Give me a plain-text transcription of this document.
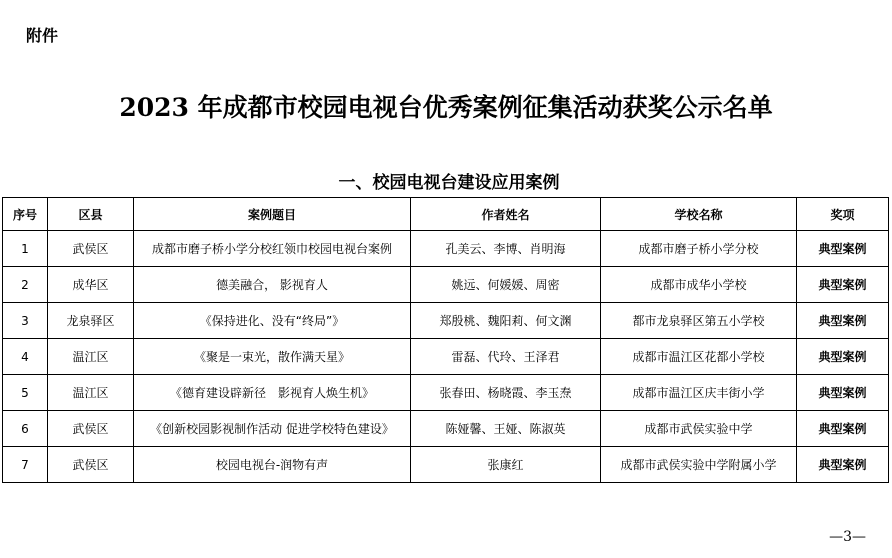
附件
2023 年成都市校园电视台优秀案例征集活动获奖公示名单
一、校园电视台建设应用案例
序号	区县	案例题目	作者姓名	学校名称	奖项
1	武侯区	成都市磨子桥小学分校红领巾校园电视台案例	孔美云、李博、肖明海	成都市磨子桥小学分校	典型案例
2	成华区	德美融合， 影视育人	姚远、何媛媛、周密	成都市成华小学校	典型案例
3	龙泉驿区	《保持进化、没有“终局”》	郑殷桃、魏阳莉、何文渊	都市龙泉驿区第五小学校	典型案例
4	温江区	《聚是一束光，散作满天星》	雷磊、代玲、王泽君	成都市温江区花都小学校	典型案例
5	温江区	《德育建设辟新径　影视育人焕生机》	张春田、杨晓霞、李玉焘	成都市温江区庆丰街小学	典型案例
6	武侯区	《创新校园影视制作活动 促进学校特色建设》	陈娅馨、王娅、陈淑英	成都市武侯实验中学	典型案例
7	武侯区	校园电视台-润物有声	张康红	成都市武侯实验中学附属小学	典型案例
—3—
